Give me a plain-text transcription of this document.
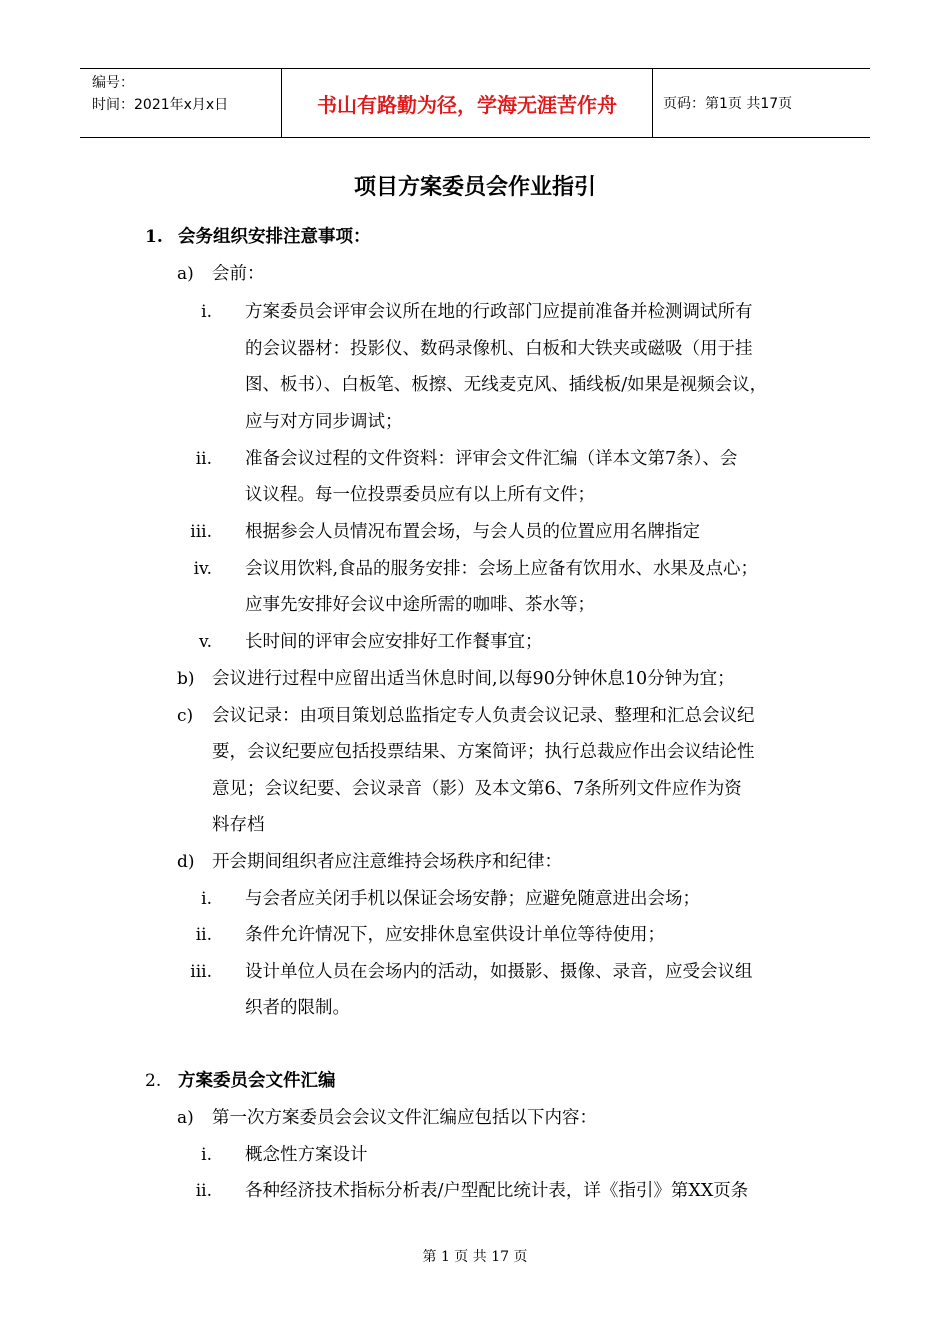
编号：
时间：2021年x月x日	书山有路勤为径，学海无涯苦作舟	页码：第1页 共17页
项目方案委员会作业指引
1. 会务组织安排注意事项：
a) 会前：
i. 方案委员会评审会议所在地的行政部门应提前准备并检测调试所有
的会议器材：投影仪、数码录像机、白板和大铁夹或磁吸（用于挂
图、板书）、白板笔、板擦、无线麦克风、插线板/如果是视频会议，
应与对方同步调试；
ii. 准备会议过程的文件资料：评审会文件汇编（详本文第7条）、会
议议程。每一位投票委员应有以上所有文件；
iii. 根据参会人员情况布置会场，与会人员的位置应用名牌指定
iv. 会议用饮料,食品的服务安排：会场上应备有饮用水、水果及点心；
应事先安排好会议中途所需的咖啡、茶水等；
v. 长时间的评审会应安排好工作餐事宜；
b) 会议进行过程中应留出适当休息时间,以每90分钟休息10分钟为宜；
c) 会议记录：由项目策划总监指定专人负责会议记录、整理和汇总会议纪
要，会议纪要应包括投票结果、方案简评；执行总裁应作出会议结论性
意见；会议纪要、会议录音（影）及本文第6、7条所列文件应作为资
料存档
d) 开会期间组织者应注意维持会场秩序和纪律：
i. 与会者应关闭手机以保证会场安静；应避免随意进出会场；
ii. 条件允许情况下，应安排休息室供设计单位等待使用；
iii. 设计单位人员在会场内的活动，如摄影、摄像、录音，应受会议组
织者的限制。
2. 方案委员会文件汇编
a) 第一次方案委员会会议文件汇编应包括以下内容：
i. 概念性方案设计
ii. 各种经济技术指标分析表/户型配比统计表，详《指引》第XX页条
第 1 页 共 17 页
